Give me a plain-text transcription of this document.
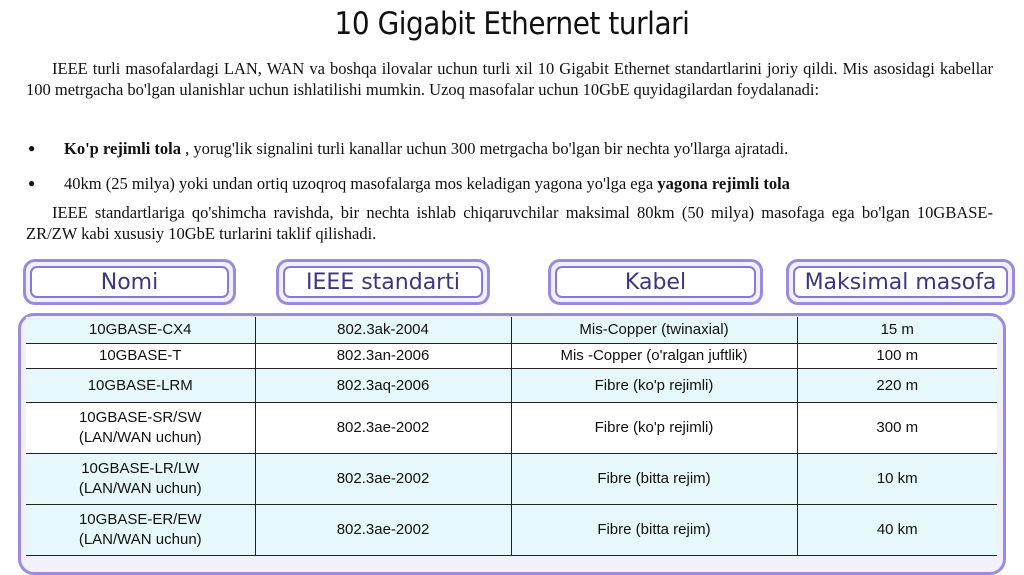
10 Gigabit Ethernet turlari

IEEE turli masofalardagi LAN, WAN va boshqa ilovalar uchun turli xil 10 Gigabit Ethernet standartlarini joriy qildi. Mis asosidagi kabellar 100 metrgacha bo'lgan ulanishlar uchun ishlatilishi mumkin. Uzoq masofalar uchun 10GbE quyidagilardan foydalanadi:

● Ko'p rejimli tola , yorug'lik signalini turli kanallar uchun 300 metrgacha bo'lgan bir nechta yo'llarga ajratadi.
● 40km (25 milya) yoki undan ortiq uzoqroq masofalarga mos keladigan yagona yo'lga ega yagona rejimli tola

IEEE standartlariga qo'shimcha ravishda, bir nechta ishlab chiqaruvchilar maksimal 80km (50 milya) masofaga ega bo'lgan 10GBASE-ZR/ZW kabi xususiy 10GbE turlarini taklif qilishadi.

Nomi	IEEE standarti	Kabel	Maksimal masofa
10GBASE-CX4	802.3ak-2004	Mis-Copper (twinaxial)	15 m
10GBASE-T	802.3an-2006	Mis -Copper (o'ralgan juftlik)	100 m
10GBASE-LRM	802.3aq-2006	Fibre (ko'p rejimli)	220 m
10GBASE-SR/SW
(LAN/WAN uchun)	802.3ae-2002	Fibre (ko'p rejimli)	300 m
10GBASE-LR/LW
(LAN/WAN uchun)	802.3ae-2002	Fibre (bitta rejim)	10 km
10GBASE-ER/EW
(LAN/WAN uchun)	802.3ae-2002	Fibre (bitta rejim)	40 km
